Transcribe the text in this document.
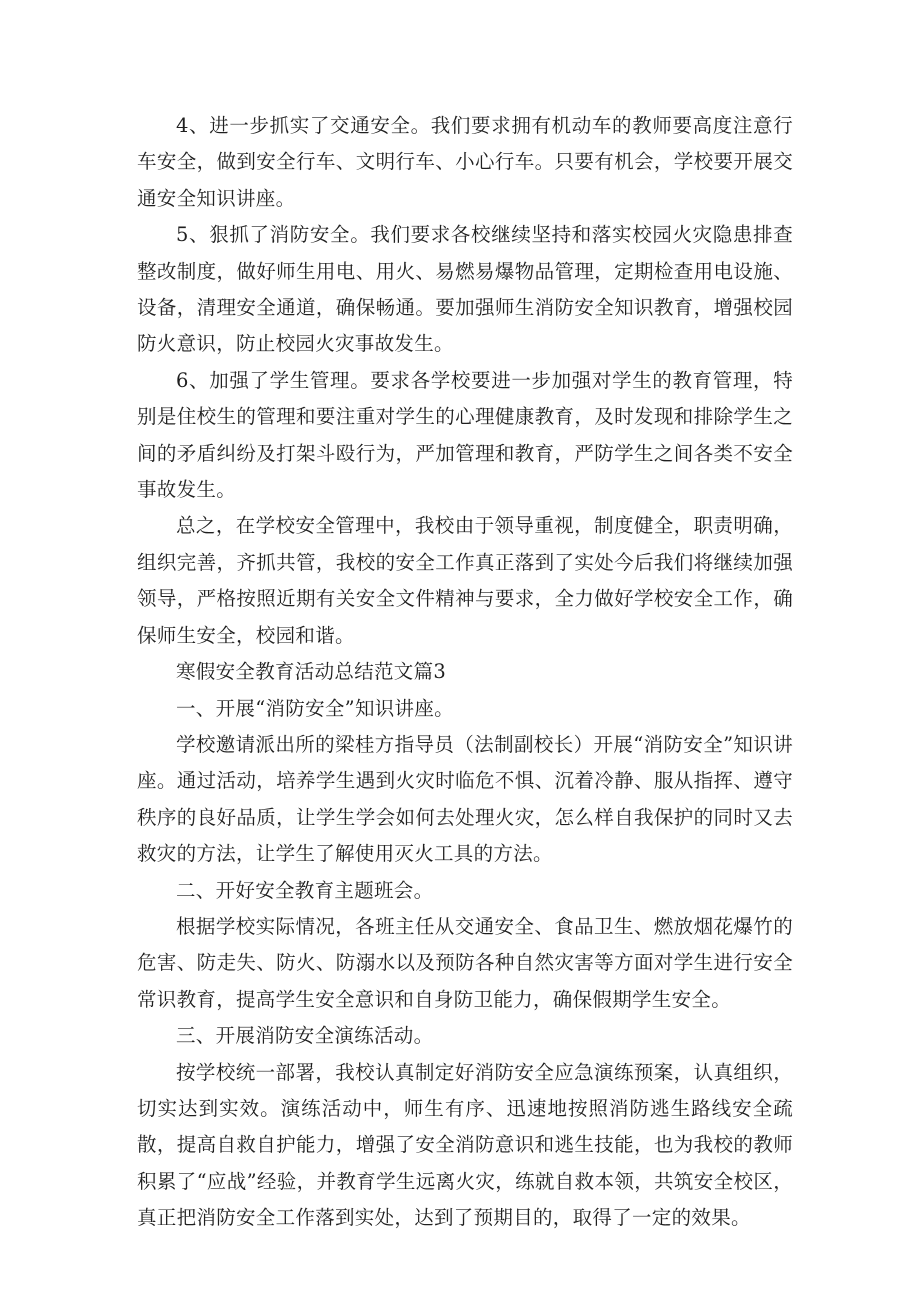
4、进一步抓实了交通安全。我们要求拥有机动车的教师要高度注意行车安全，做到安全行车、文明行车、小心行车。只要有机会，学校要开展交通安全知识讲座。

5、狠抓了消防安全。我们要求各校继续坚持和落实校园火灾隐患排查整改制度，做好师生用电、用火、易燃易爆物品管理，定期检查用电设施、设备，清理安全通道，确保畅通。要加强师生消防安全知识教育，增强校园防火意识，防止校园火灾事故发生。

6、加强了学生管理。要求各学校要进一步加强对学生的教育管理，特别是住校生的管理和要注重对学生的心理健康教育，及时发现和排除学生之间的矛盾纠纷及打架斗殴行为，严加管理和教育，严防学生之间各类不安全事故发生。

总之，在学校安全管理中，我校由于领导重视，制度健全，职责明确，组织完善，齐抓共管，我校的安全工作真正落到了实处今后我们将继续加强领导，严格按照近期有关安全文件精神与要求，全力做好学校安全工作，确保师生安全，校园和谐。

寒假安全教育活动总结范文篇3

一、开展“消防安全”知识讲座。

学校邀请派出所的梁桂方指导员（法制副校长）开展“消防安全”知识讲座。通过活动，培养学生遇到火灾时临危不惧、沉着冷静、服从指挥、遵守秩序的良好品质，让学生学会如何去处理火灾，怎么样自我保护的同时又去救灾的方法，让学生了解使用灭火工具的方法。

二、开好安全教育主题班会。

根据学校实际情况，各班主任从交通安全、食品卫生、燃放烟花爆竹的危害、防走失、防火、防溺水以及预防各种自然灾害等方面对学生进行安全常识教育，提高学生安全意识和自身防卫能力，确保假期学生安全。

三、开展消防安全演练活动。

按学校统一部署，我校认真制定好消防安全应急演练预案，认真组织，切实达到实效。演练活动中，师生有序、迅速地按照消防逃生路线安全疏散，提高自救自护能力，增强了安全消防意识和逃生技能，也为我校的教师积累了“应战”经验，并教育学生远离火灾，练就自救本领，共筑安全校区，真正把消防安全工作落到实处，达到了预期目的，取得了一定的效果。
